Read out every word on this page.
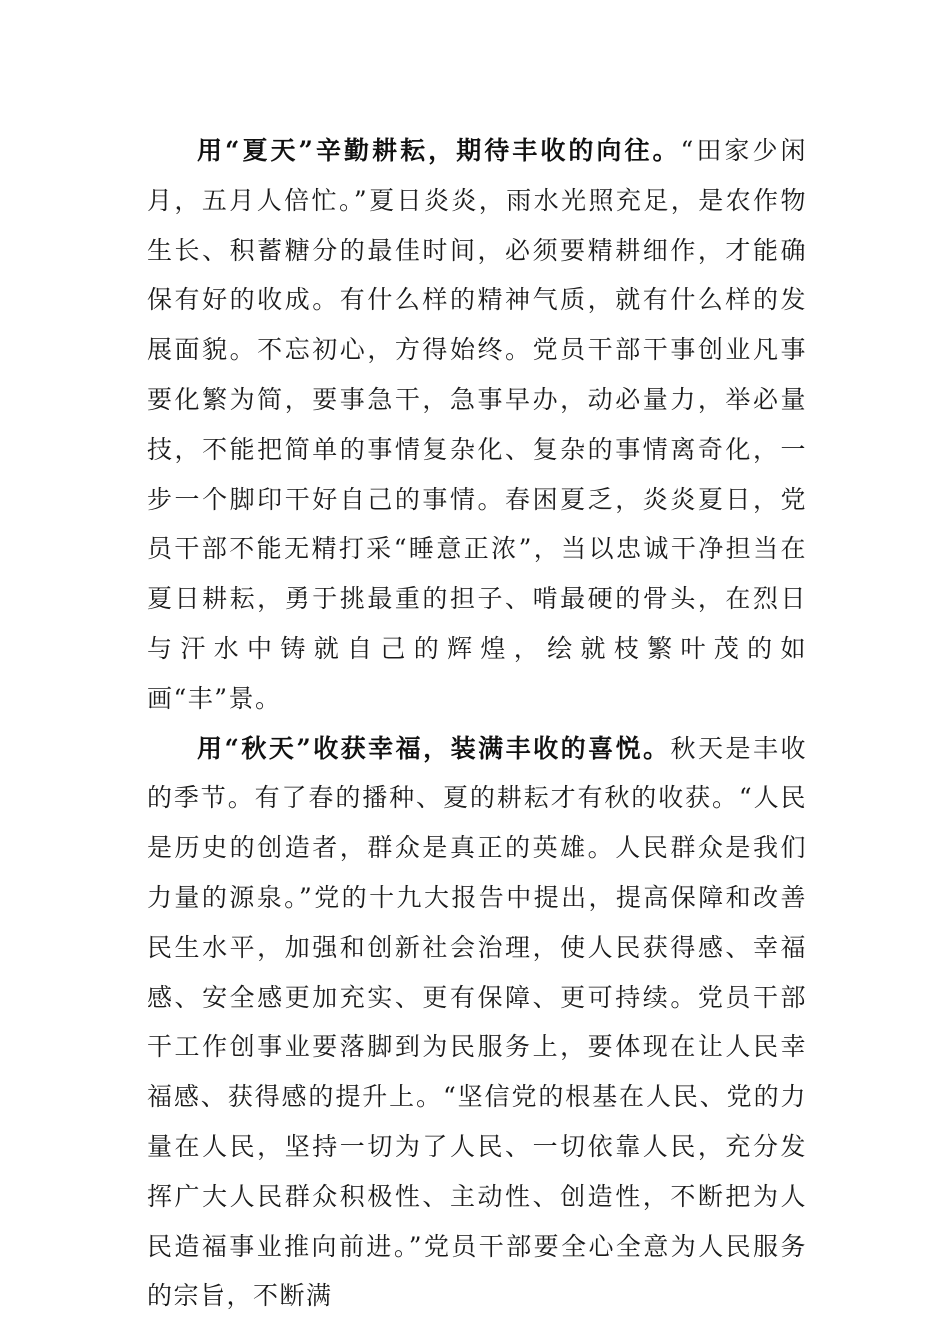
用“夏天”辛勤耕耘，期待丰收的向往。“田家少闲月，五月人倍忙。”夏日炎炎，雨水光照充足，是农作物生长、积蓄糖分的最佳时间，必须要精耕细作，才能确保有好的收成。有什么样的精神气质，就有什么样的发展面貌。不忘初心，方得始终。党员干部干事创业凡事要化繁为简，要事急干，急事早办，动必量力，举必量技，不能把简单的事情复杂化、复杂的事情离奇化，一步一个脚印干好自己的事情。春困夏乏，炎炎夏日，党员干部不能无精打采“睡意正浓”，当以忠诚干净担当在夏日耕耘，勇于挑最重的担子、啃最硬的骨头，在烈日与汗水中铸就自己的辉煌，绘就枝繁叶茂的如画“丰”景。

用“秋天”收获幸福，装满丰收的喜悦。秋天是丰收的季节。有了春的播种、夏的耕耘才有秋的收获。“人民是历史的创造者，群众是真正的英雄。人民群众是我们力量的源泉。”党的十九大报告中提出，提高保障和改善民生水平，加强和创新社会治理，使人民获得感、幸福感、安全感更加充实、更有保障、更可持续。党员干部干工作创事业要落脚到为民服务上，要体现在让人民幸福感、获得感的提升上。“坚信党的根基在人民、党的力量在人民，坚持一切为了人民、一切依靠人民，充分发挥广大人民群众积极性、主动性、创造性，不断把为人民造福事业推向前进。”党员干部要全心全意为人民服务的宗旨，不断满
